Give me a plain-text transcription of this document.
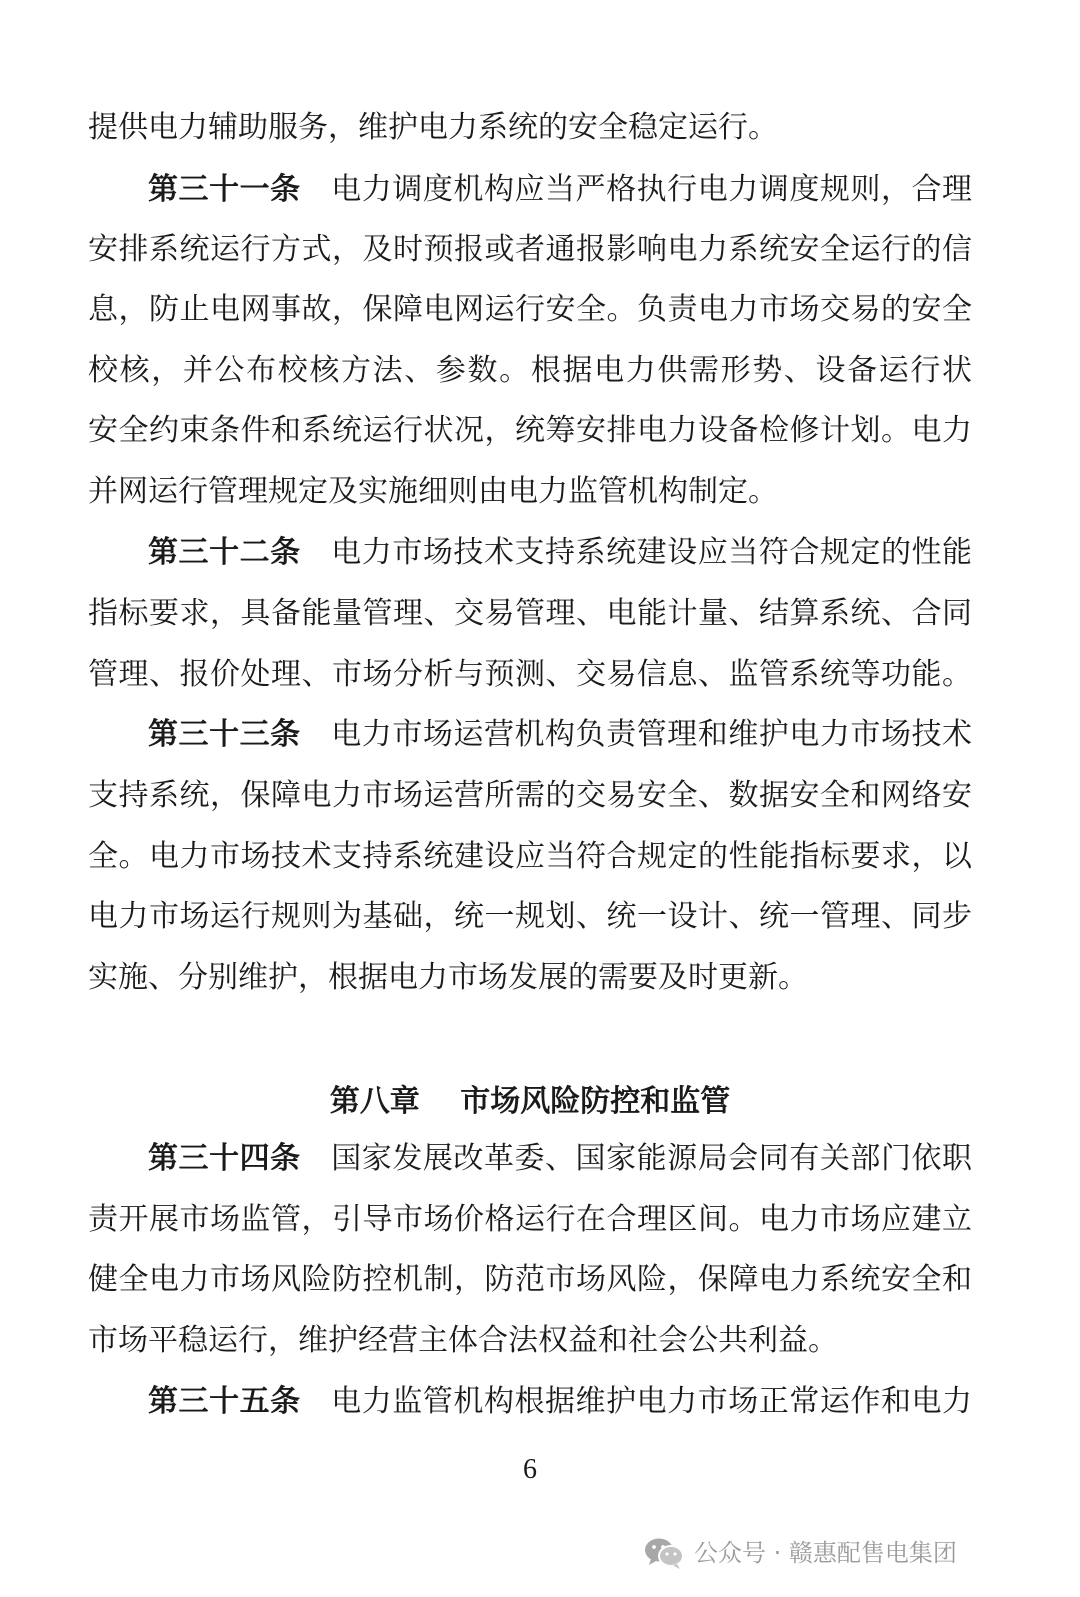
提供电力辅助服务，维护电力系统的安全稳定运行。
第三十一条　 电力调度机构应当严格执行电力调度规则，合理
安排系统运行方式，及时预报或者通报影响电力系统安全运行的信
息，防止电网事故，保障电网运行安全。负责电力市场交易的安全
校核，并公布校核方法、参数。根据电力供需形势、设备运行状
安全约束条件和系统运行状况，统筹安排电力设备检修计划。电力
并网运行管理规定及实施细则由电力监管机构制定。
第三十二条　 电力市场技术支持系统建设应当符合规定的性能
指标要求，具备能量管理、交易管理、电能计量、结算系统、合同
管理、报价处理、市场分析与预测、交易信息、监管系统等功能。
第三十三条　 电力市场运营机构负责管理和维护电力市场技术
支持系统，保障电力市场运营所需的交易安全、数据安全和网络安
全。电力市场技术支持系统建设应当符合规定的性能指标要求，以
电力市场运行规则为基础，统一规划、统一设计、统一管理、同步
实施、分别维护，根据电力市场发展的需要及时更新。
第八章　 市场风险防控和监管
第三十四条　 国家发展改革委、国家能源局会同有关部门依职
责开展市场监管，引导市场价格运行在合理区间。电力市场应建立
健全电力市场风险防控机制，防范市场风险，保障电力系统安全和
市场平稳运行，维护经营主体合法权益和社会公共利益。
第三十五条　 电力监管机构根据维护电力市场正常运作和电力
6
公众号 · 赣惠配售电集团
